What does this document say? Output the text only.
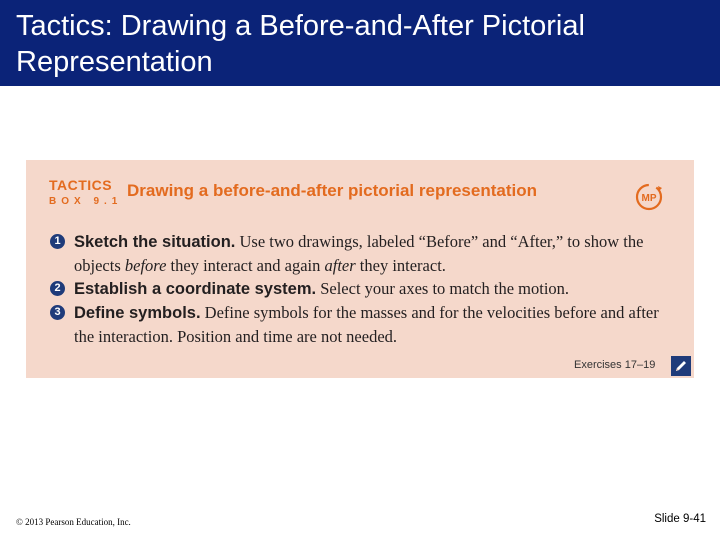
Tactics: Drawing a Before-and-After Pictorial Representation
TACTICS
BOX 9.1
Drawing a before-and-after pictorial representation	MP
1 Sketch the situation. Use two drawings, labeled “Before” and “After,” to show the objects before they interact and again after they interact.
2 Establish a coordinate system. Select your axes to match the motion.
3 Define symbols. Define symbols for the masses and for the velocities before and after the interaction. Position and time are not needed.
Exercises 17–19
© 2013 Pearson Education, Inc.	Slide 9-41
